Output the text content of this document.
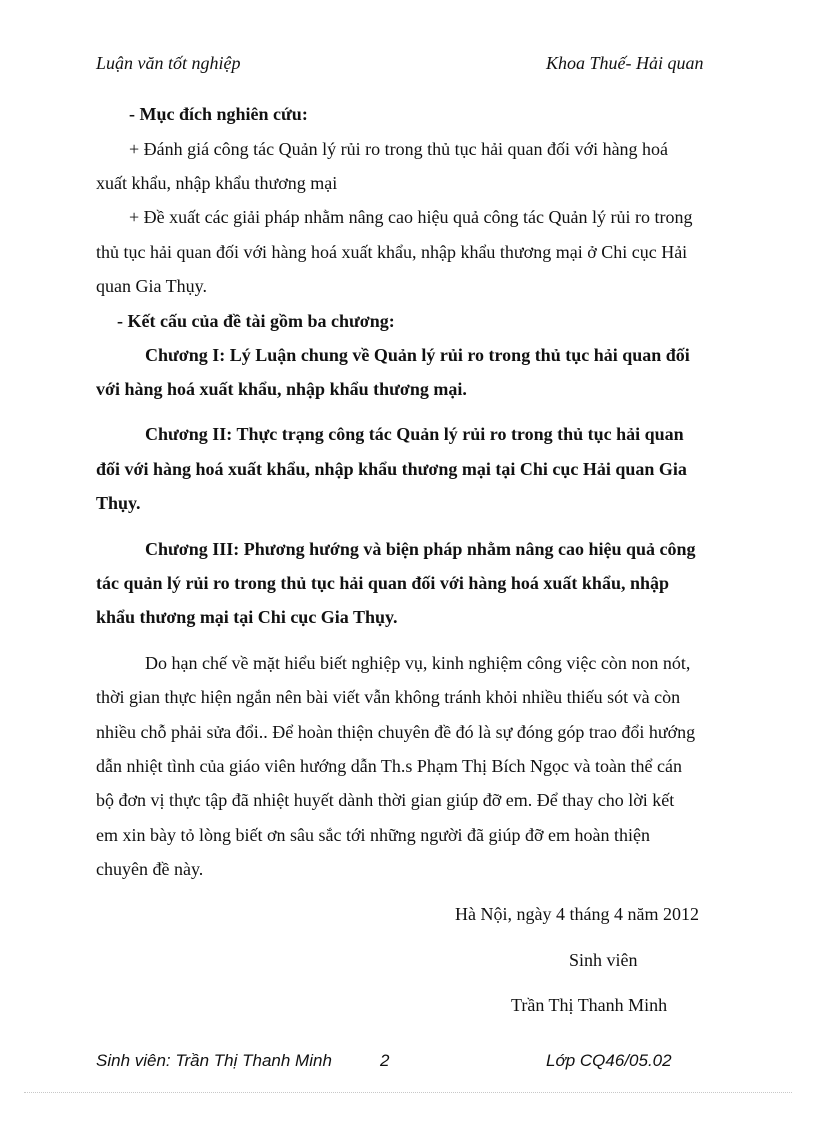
Luận văn tốt nghiệp	Khoa Thuế- Hải quan
- Mục đích nghiên cứu:
+ Đánh giá công tác Quản lý rủi ro trong thủ tục hải quan đối với hàng hoá
xuất khẩu, nhập khẩu thương mại
+ Đề xuất các giải pháp nhằm nâng cao hiệu quả công tác Quản lý rủi ro trong
thủ tục hải quan đối với hàng hoá xuất khẩu, nhập khẩu thương mại ở Chi cục Hải
quan Gia Thụy.
- Kết cấu của đề tài gồm ba chương:
Chương I: Lý Luận chung về Quản lý rủi ro trong thủ tục hải quan đối
với hàng hoá xuất khẩu, nhập khẩu thương mại.
Chương II: Thực trạng công tác Quản lý rủi ro trong thủ tục hải quan
đối với hàng hoá xuất khẩu, nhập khẩu thương mại tại Chi cục Hải quan Gia
Thụy.
Chương III: Phương hướng và biện pháp nhằm nâng cao hiệu quả công
tác quản lý rủi ro trong thủ tục hải quan đối với hàng hoá xuất khẩu, nhập
khẩu thương mại tại Chi cục Gia Thụy.
Do hạn chế về mặt hiểu biết nghiệp vụ, kinh nghiệm công việc còn non nót,
thời gian thực hiện ngắn nên bài viết vẫn không tránh khỏi nhiều thiếu sót và còn
nhiều chỗ phải sửa đổi.. Để hoàn thiện chuyên đề đó là sự đóng góp trao đổi hướng
dẫn nhiệt tình của giáo viên hướng dẫn Th.s Phạm Thị Bích Ngọc và toàn thể cán
bộ đơn vị thực tập đã nhiệt huyết dành thời gian giúp đỡ em. Để thay cho lời kết
em xin bày tỏ lòng biết ơn sâu sắc tới những người đã giúp đỡ em hoàn thiện
chuyên đề này.
Hà Nội, ngày 4 tháng 4 năm 2012
Sinh viên
Trần Thị Thanh Minh
Sinh viên: Trần Thị Thanh Minh	2	Lớp CQ46/05.02
